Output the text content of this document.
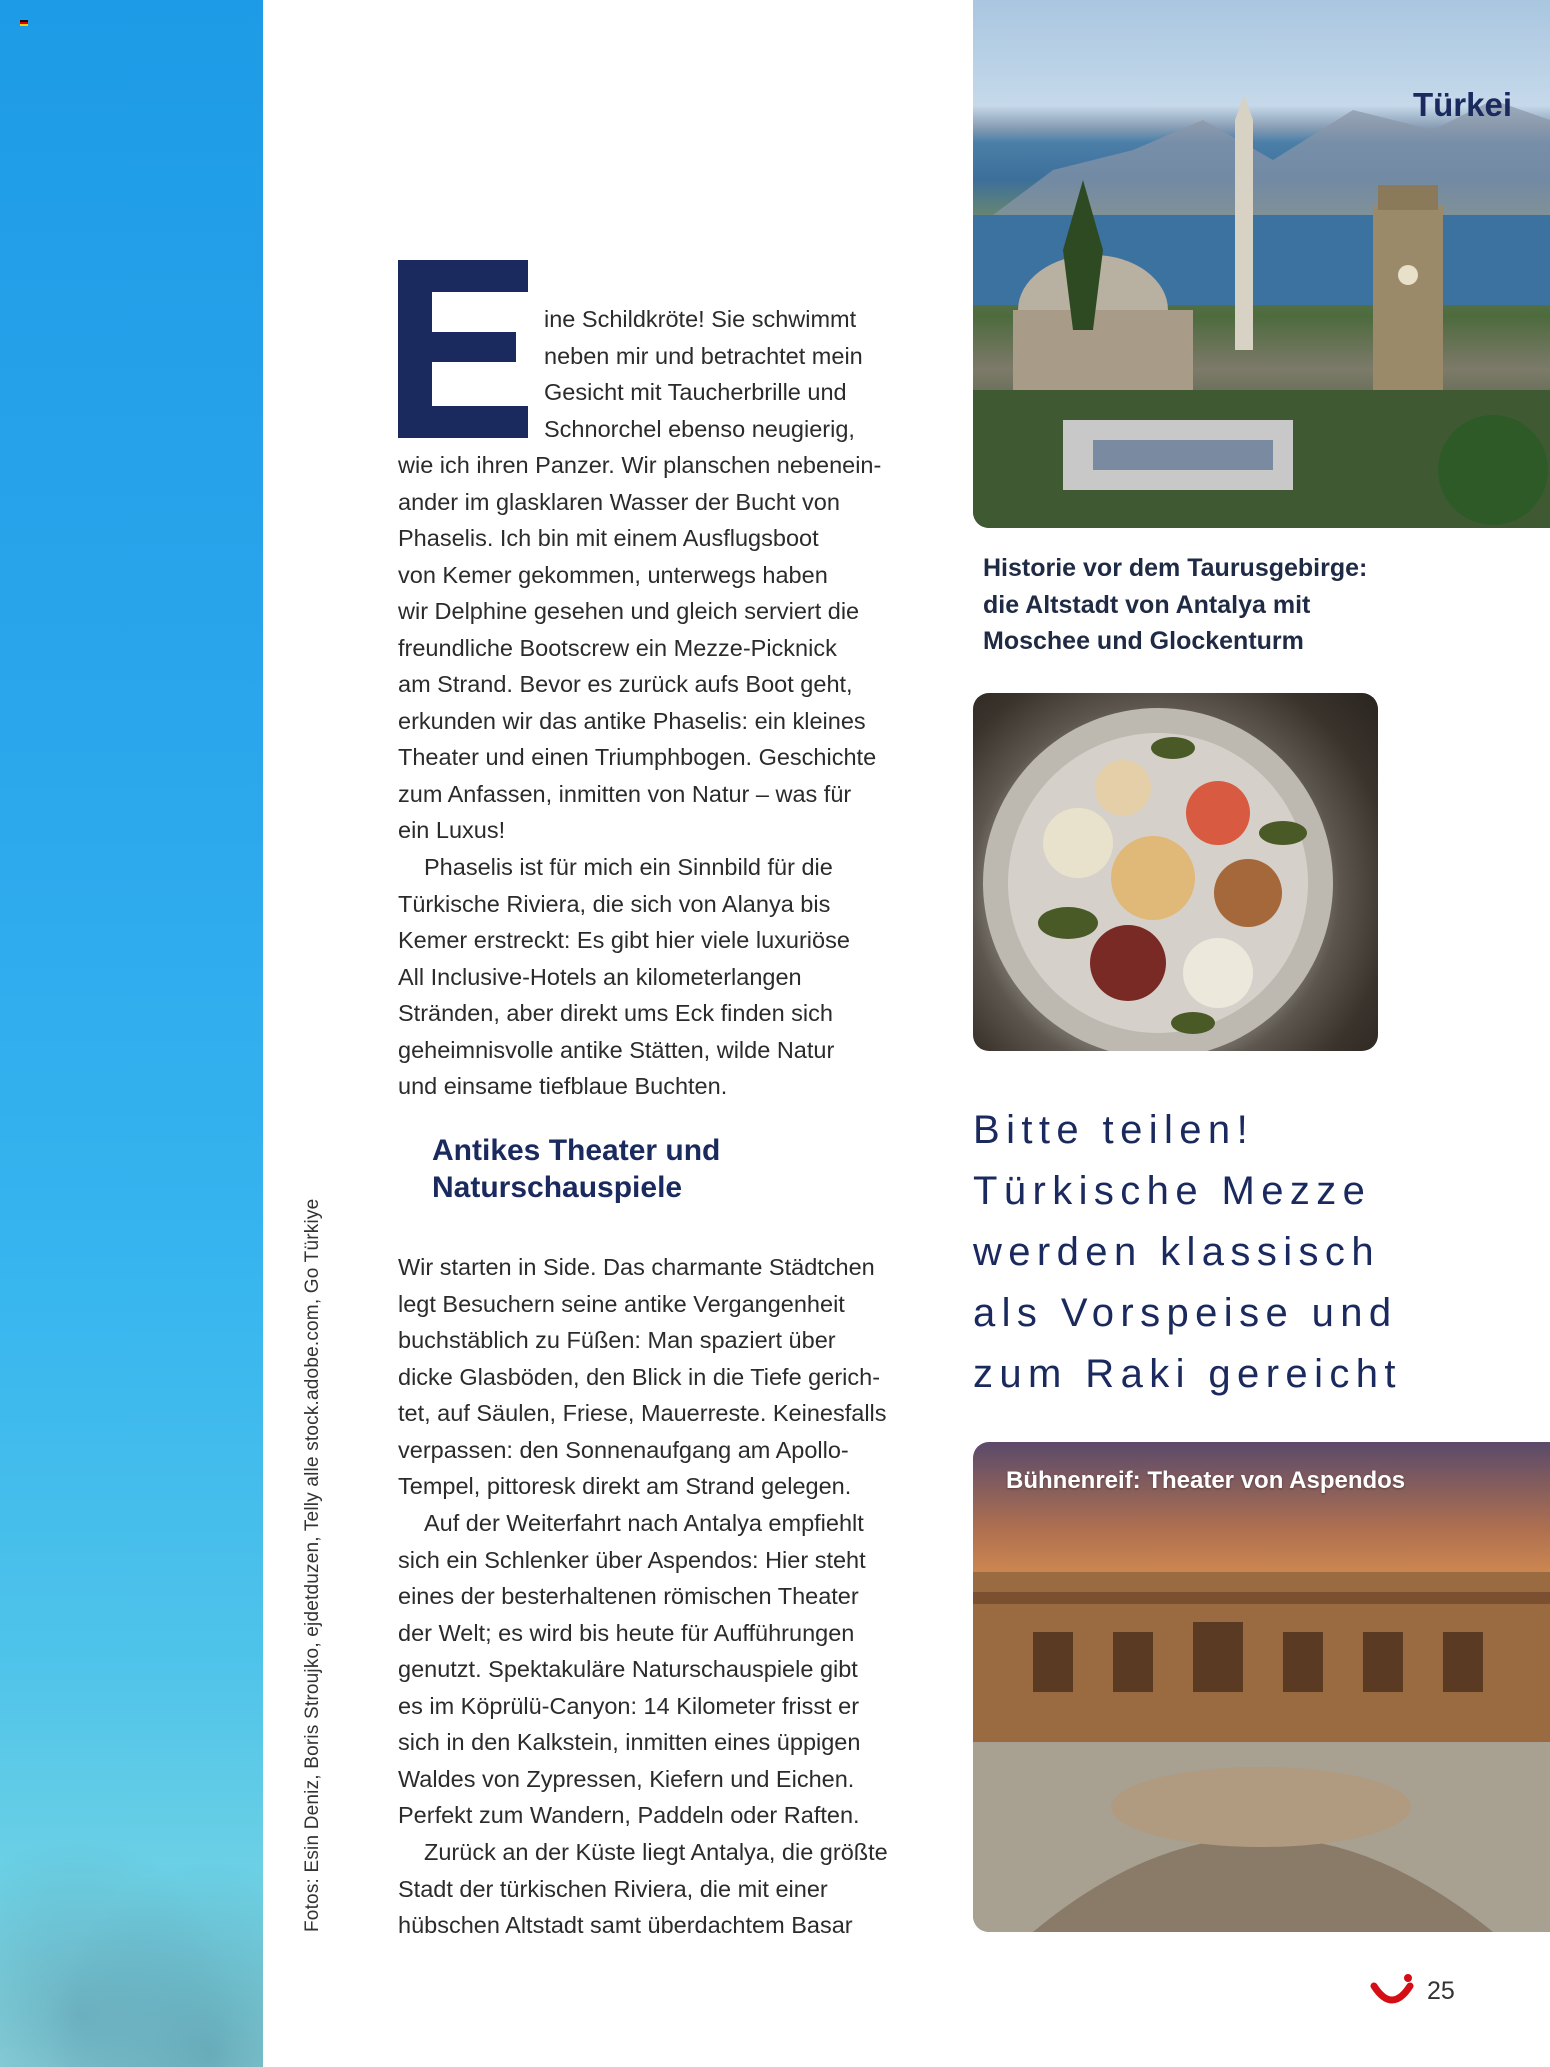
Fotos: Esin Deniz, Boris Stroujko, ejdetduzen, Telly alle stock.adobe.com, Go Türkiye

ine Schildkröte! Sie schwimmt
neben mir und betrachtet mein
Gesicht mit Taucherbrille und
Schnorchel ebenso neugierig,

wie ich ihren Panzer. Wir planschen nebenein-
ander im glasklaren Wasser der Bucht von
Phaselis. Ich bin mit einem Ausflugsboot
von Kemer gekommen, unterwegs haben
wir Delphine gesehen und gleich serviert die
freundliche Bootscrew ein Mezze-Picknick
am Strand. Bevor es zurück aufs Boot geht,
erkunden wir das antike Phaselis: ein kleines
Theater und einen Triumphbogen. Geschichte
zum Anfassen, inmitten von Natur – was für
ein Luxus!

Phaselis ist für mich ein Sinnbild für die
Türkische Riviera, die sich von Alanya bis
Kemer erstreckt: Es gibt hier viele luxuriöse
All Inclusive-Hotels an kilometerlangen
Stränden, aber direkt ums Eck finden sich
geheimnisvolle antike Stätten, wilde Natur
und einsame tiefblaue Buchten.

Antikes Theater und
Naturschauspiele

Wir starten in Side. Das charmante Städtchen
legt Besuchern seine antike Vergangenheit
buchstäblich zu Füßen: Man spaziert über
dicke Glasböden, den Blick in die Tiefe gerich-
tet, auf Säulen, Friese, Mauerreste. Keinesfalls
verpassen: den Sonnenaufgang am Apollo-
Tempel, pittoresk direkt am Strand gelegen.

Auf der Weiterfahrt nach Antalya empfiehlt
sich ein Schlenker über Aspendos: Hier steht
eines der besterhaltenen römischen Theater
der Welt; es wird bis heute für Aufführungen
genutzt. Spektakuläre Naturschauspiele gibt
es im Köprülü-Canyon: 14 Kilometer frisst er
sich in den Kalkstein, inmitten eines üppigen
Waldes von Zypressen, Kiefern und Eichen.
Perfekt zum Wandern, Paddeln oder Raften.

Zurück an der Küste liegt Antalya, die größte
Stadt der türkischen Riviera, die mit einer
hübschen Altstadt samt überdachtem Basar

Türkei

Historie vor dem Taurusgebirge:
die Altstadt von Antalya mit
Moschee und Glockenturm

Bitte teilen!
Türkische Mezze
werden klassisch
als Vorspeise und
zum Raki gereicht

Bühnenreif: Theater von Aspendos
25
